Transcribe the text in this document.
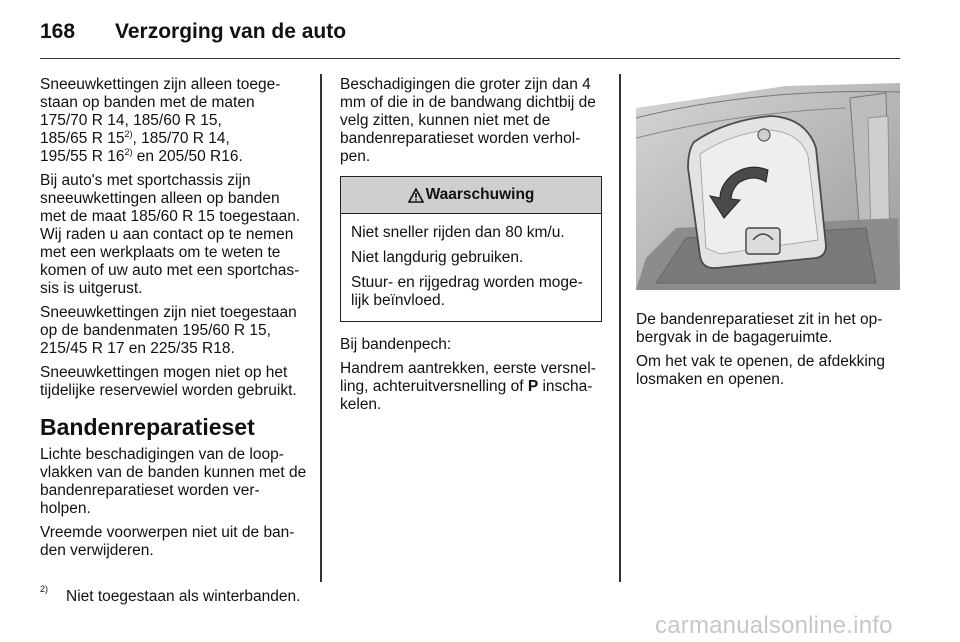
168 Verzorging van de auto

Sneeuwkettingen zijn alleen toege-
staan op banden met de maten
175/70 R 14, 185/60 R 15,
185/65 R 15$^{2)}$, 185/70 R 14,
195/55 R 16$^{2)}$ en 205/50 R16.

Bij auto's met sportchassis zijn sneeuwkettingen alleen op banden met de maat 185/60 R 15 toegestaan. Wij raden u aan contact op te nemen met een werkplaats om te weten te komen of uw auto met een sportchas-sis is uitgerust.

Sneeuwkettingen zijn niet toegestaan op de bandenmaten 195/60 R 15, 215/45 R 17 en 225/35 R18.

Sneeuwkettingen mogen niet op het tijdelijke reservewiel worden gebruikt.

Bandenreparatieset

Lichte beschadigingen van de loop-vlakken van de banden kunnen met de bandenreparatieset worden ver-holpen.

Vreemde voorwerpen niet uit de ban-den verwijderen.

Beschadigingen die groter zijn dan 4 mm of die in de bandwang dichtbij de velg zitten, kunnen niet met de bandenreparatieset worden verhol-pen.

Waarschuwing

Niet sneller rijden dan 80 km/u.

Niet langdurig gebruiken.

Stuur- en rijgedrag worden moge-lijk beïnvloed.

Bij bandenpech:

Handrem aantrekken, eerste versnel-ling, achteruitversnelling of P inscha-kelen.

De bandenreparatieset zit in het op-bergvak in de bagageruimte.

Om het vak te openen, de afdekking losmaken en openen.

2) Niet toegestaan als winterbanden.
carmanualsonline.info
